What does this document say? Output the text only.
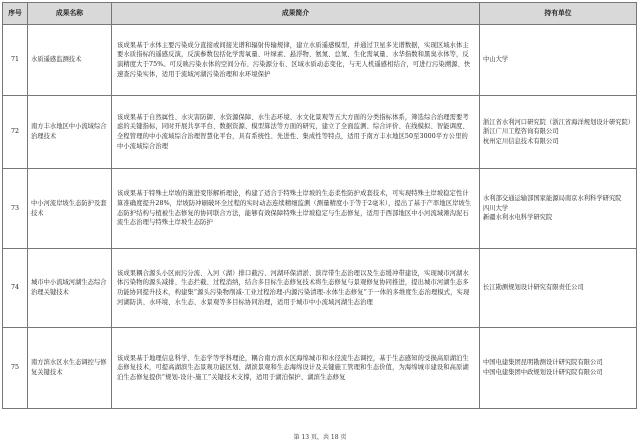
序号	成果名称	成果简介	持有单位
71	水质遥感监测技术	该成果基于水体主要污染成分直接或间接光谱和辐射传输规律，建立水质遥感模型，并通过卫星多光谱数据，实现区域水体主要水质指标的遥感反演，反演参数包括化学需氧量、叶绿素、悬浮物、氨氮、总氮、生化需氧量、水华指数和黑臭水体等，反演精度大于75%。可反映污染水体的空间分布、污染源分布、区域水质动态变化，与无人机遥感相结合，可进行污染溯源、快速查污染实体，适用于流域河湖污染治理和水环境保护	中山大学

72	南方丰水地区中小流域综合治理技术	该成果基于自然属性、水灾害防御、水资源保障、水生态环境、水文化景观等五大方面的分类指标体系，筛选综合治理需要考虑的关键指标，同时开展共享平台、数据资源、模型算法等方面的研究，建立了全面监测、综合评价、在线模拟、智能调度、全程管理的中小流域综合治理智慧化平台，具有系统性、先进性、集成性等特点，适用于南方丰水地区50至3000平方公里的中小流域综合治理	浙江省水利河口研究院（浙江省海洋规划设计研究院）
浙江广川工程咨询有限公司
杭州定川信息技术有限公司

73	中小河流岸坡生态防护及套技术	该成果基于特殊土岸坡的渐进变形解析理论，构建了适合于特殊土岸坡的生态柔性防护成套技术，可实现特殊土岸坡稳定性计算准确度提升28%，岸坡防冲刷破坏全过程的实时动态连续精细监测（测量精度小于等于2毫米），提出了基于产率地区岸坡生态防护结构与植被生态修复的协同联合方法，能够有效保障特殊土岸坡稳定与生态修复，适用于西部地区中小河流域滩沟泥石流生态治理与特殊土岸坡生态防护	水利部交通运输部国家能源局南京水利科学研究院
四川大学
新疆水利水电科学研究院

74	城市中小流域河湖生态综合治理关键技术	该成果耦合源头小区雨污分流、入河（湖）排口截污、河湖环保清淤、滨岸带生态治理以及生态缓冲带建设，实现城市河湖水体污染物的源头减排、生态拦截、过程消纳，结合多目标生态修复技术将生态修复与景观修复协同推进，提出城市河湖生态多功能协同提升技术，构建集“源头污染物削减-工业过程治理-内源污染清理-水体生态修复”于一体的多维度生态治理模式，实现河湖防洪、水环境、水生态、水景观等多目标协同治理，适用于城市中小流域河湖生态治理	长江勘测规划设计研究有限责任公司

75	南方滨水区水生态调控与修复关键技术	该成果基于地理信息科学、生态学等学科理论，耦合南方滨水区海绵城市和水径流生态调控，基于生态感知的受损高原湖泊生态修复技术，可提高湖滨生态景观功能区划、湖滨景观和生态海绵设计及关键施工管理和生态价值，为海绵城市建设和高原湖泊生态修复提供“规划-设计-施工”关键技术支撑，适用于湖泊保护、湖滨生态修复	中国电建集团昆明勘测设计研究院有限公司
中国电建集团中政规划设计研究院有限公司
第 13 页，共 18 页
